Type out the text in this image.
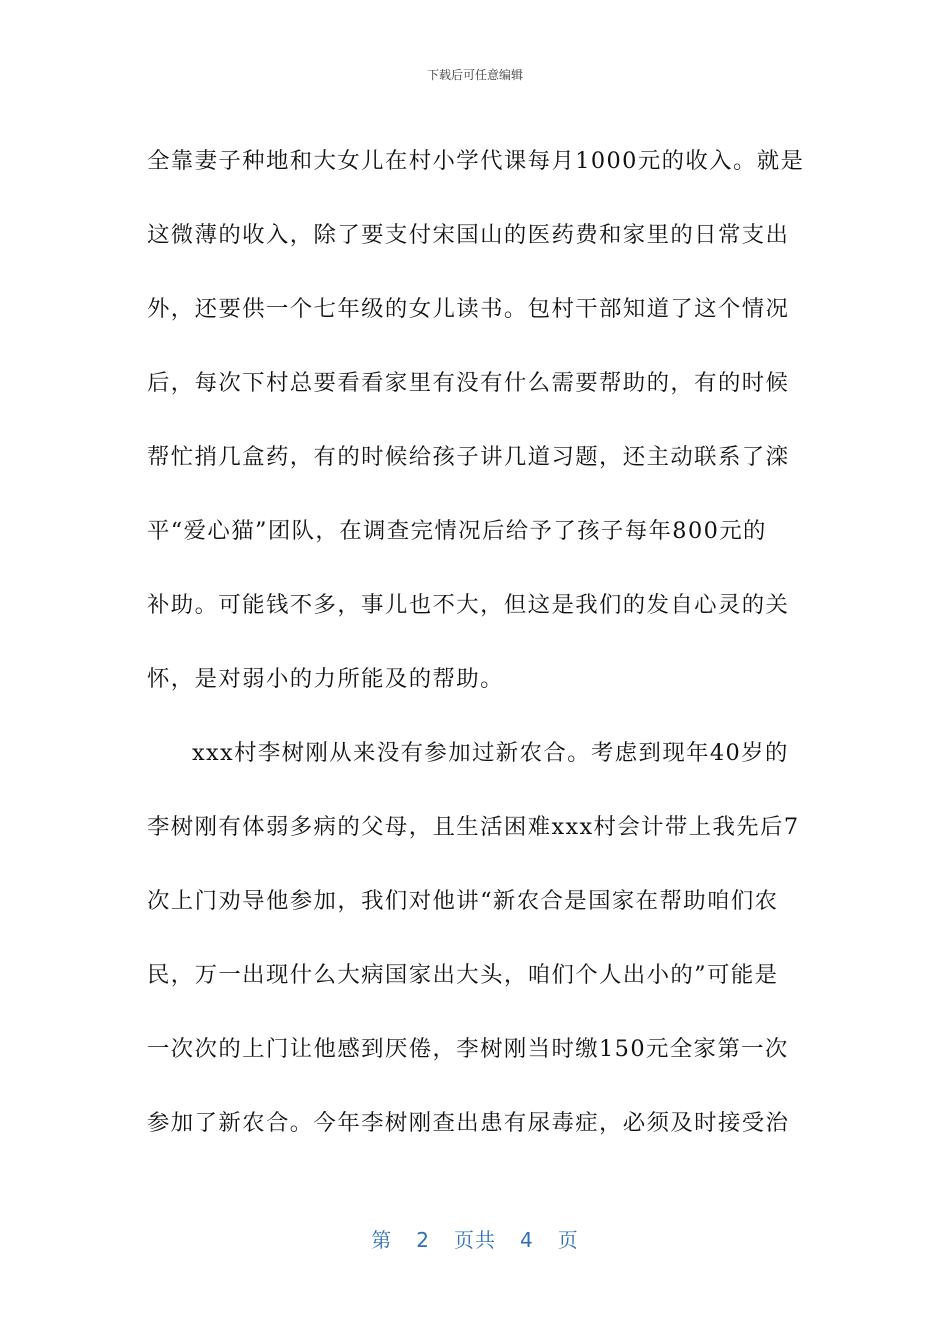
下载后可任意编辑
全靠妻子种地和大女儿在村小学代课每月1000元的收入。就是
这微薄的收入，除了要支付宋国山的医药费和家里的日常支出
外，还要供一个七年级的女儿读书。包村干部知道了这个情况
后，每次下村总要看看家里有没有什么需要帮助的，有的时候
帮忙捎几盒药，有的时候给孩子讲几道习题，还主动联系了滦
平“爱心猫”团队，在调查完情况后给予了孩子每年800元的
补助。可能钱不多，事儿也不大，但这是我们的发自心灵的关
怀，是对弱小的力所能及的帮助。
xxx村李树刚从来没有参加过新农合。考虑到现年40岁的
李树刚有体弱多病的父母，且生活困难xxx村会计带上我先后7
次上门劝导他参加，我们对他讲“新农合是国家在帮助咱们农
民，万一出现什么大病国家出大头，咱们个人出小的”可能是
一次次的上门让他感到厌倦，李树刚当时缴150元全家第一次
参加了新农合。今年李树刚查出患有尿毒症，必须及时接受治
第 2 页共 4 页
